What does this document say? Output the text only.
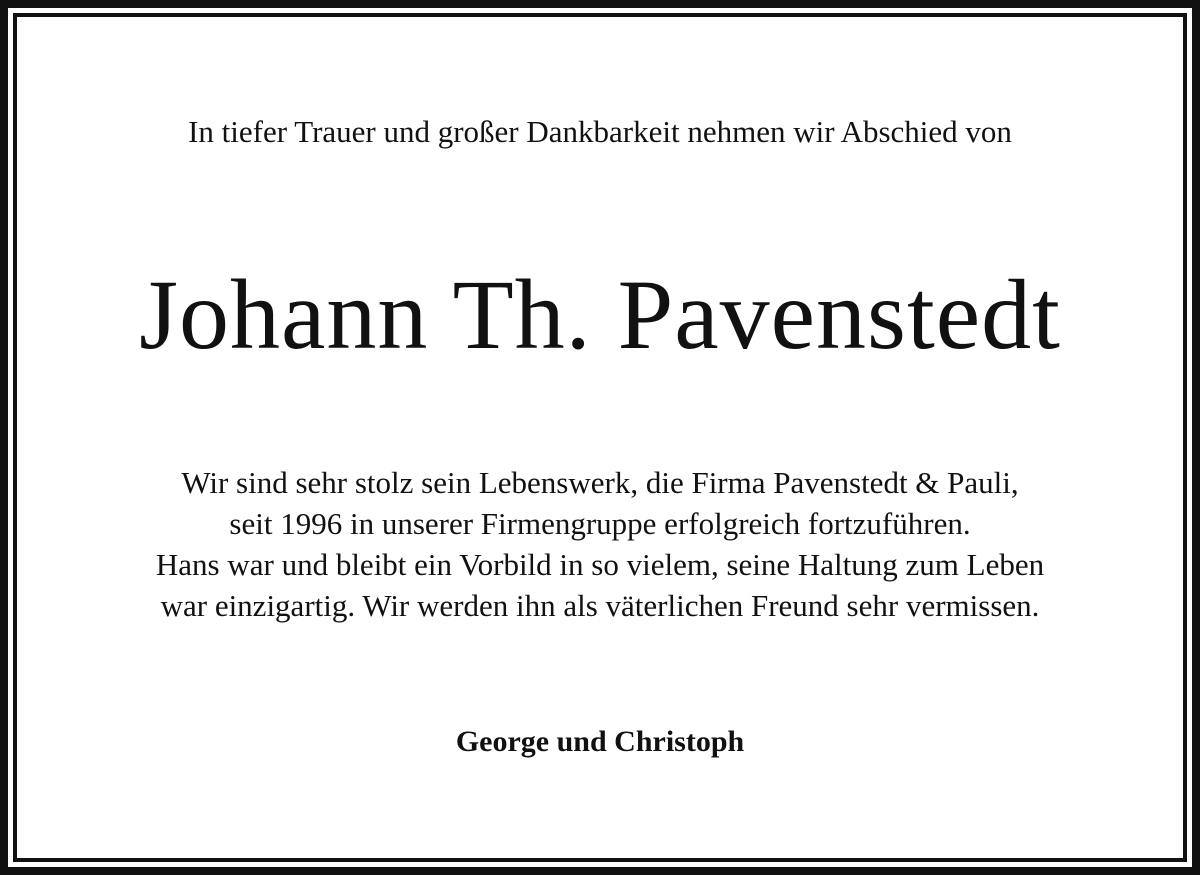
In tiefer Trauer und großer Dankbarkeit nehmen wir Abschied von
Johann Th. Pavenstedt
Wir sind sehr stolz sein Lebenswerk, die Firma Pavenstedt & Pauli,
seit 1996 in unserer Firmengruppe erfolgreich fortzuführen.
Hans war und bleibt ein Vorbild in so vielem, seine Haltung zum Leben
war einzigartig. Wir werden ihn als väterlichen Freund sehr vermissen.
George und Christoph
